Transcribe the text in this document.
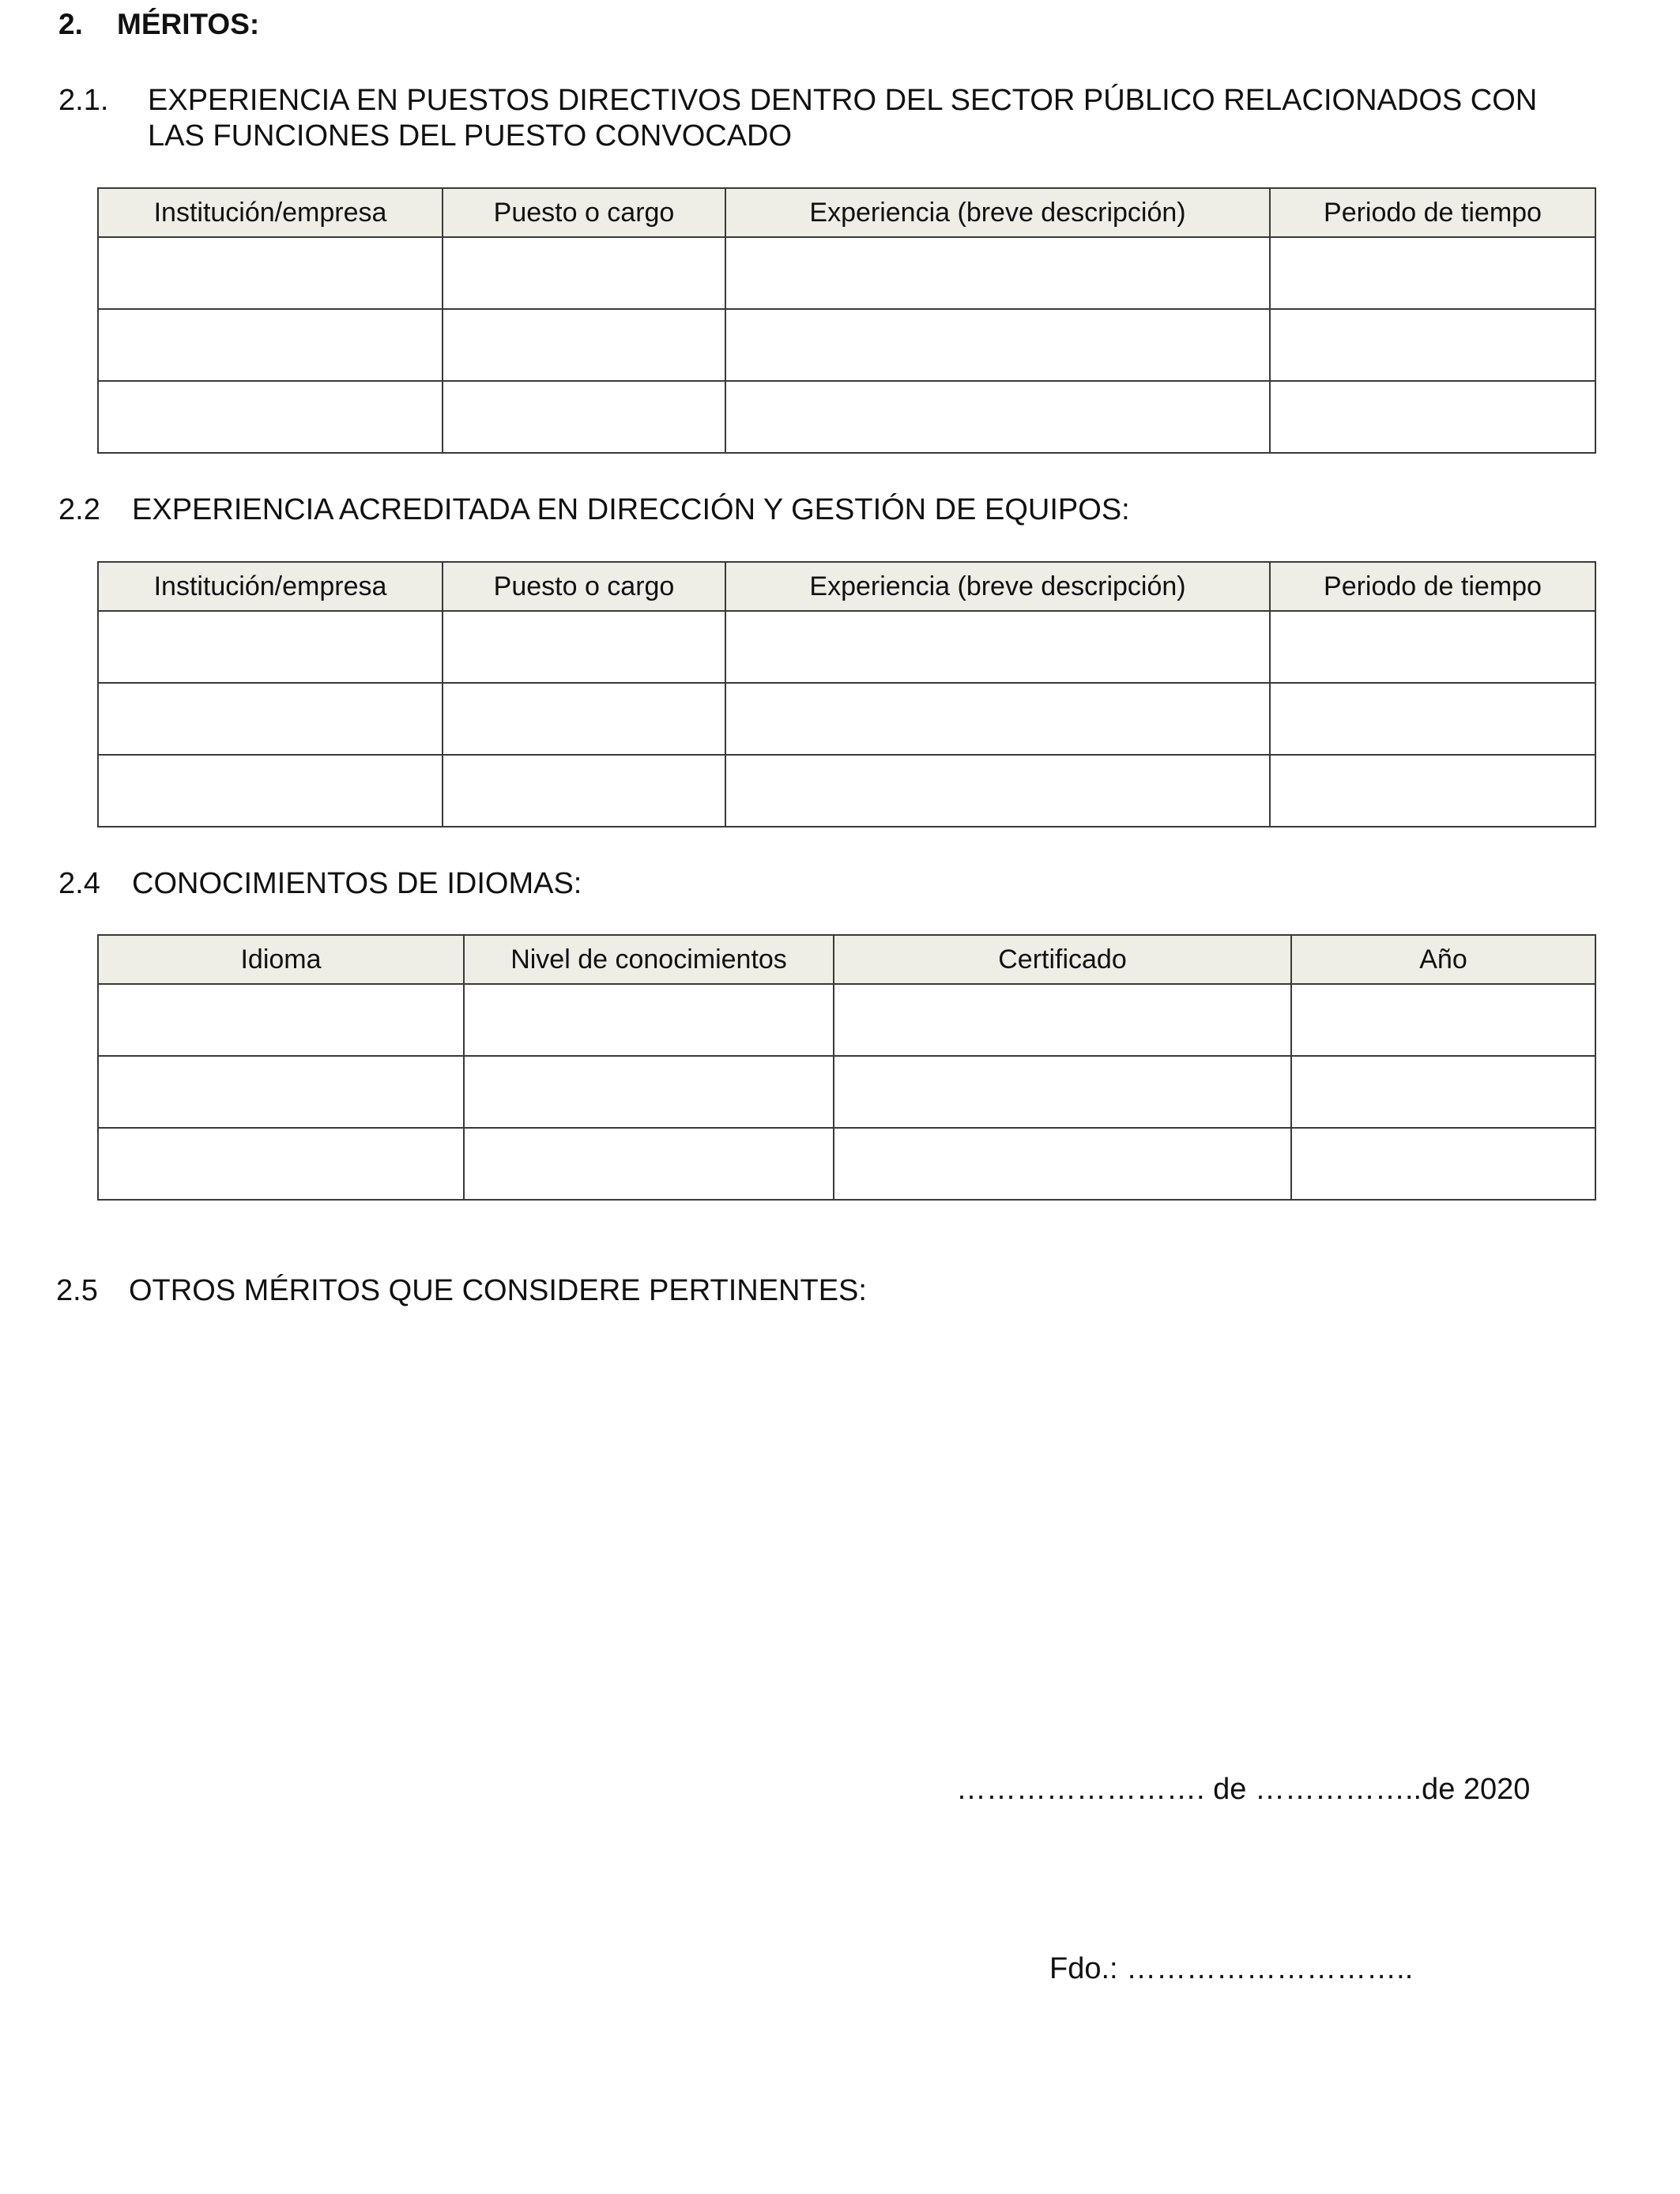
2. MÉRITOS:
2.1. EXPERIENCIA EN PUESTOS DIRECTIVOS DENTRO DEL SECTOR PÚBLICO RELACIONADOS CON
LAS FUNCIONES DEL PUESTO CONVOCADO
Institución/empresa	Puesto o cargo	Experiencia (breve descripción)	Periodo de tiempo

2.2 EXPERIENCIA ACREDITADA EN DIRECCIÓN Y GESTIÓN DE EQUIPOS:
Institución/empresa	Puesto o cargo	Experiencia (breve descripción)	Periodo de tiempo

2.4 CONOCIMIENTOS DE IDIOMAS:
Idioma	Nivel de conocimientos	Certificado	Año

2.5 OTROS MÉRITOS QUE CONSIDERE PERTINENTES:
……………………. de ……………..de 2020
Fdo.: ………………………..
